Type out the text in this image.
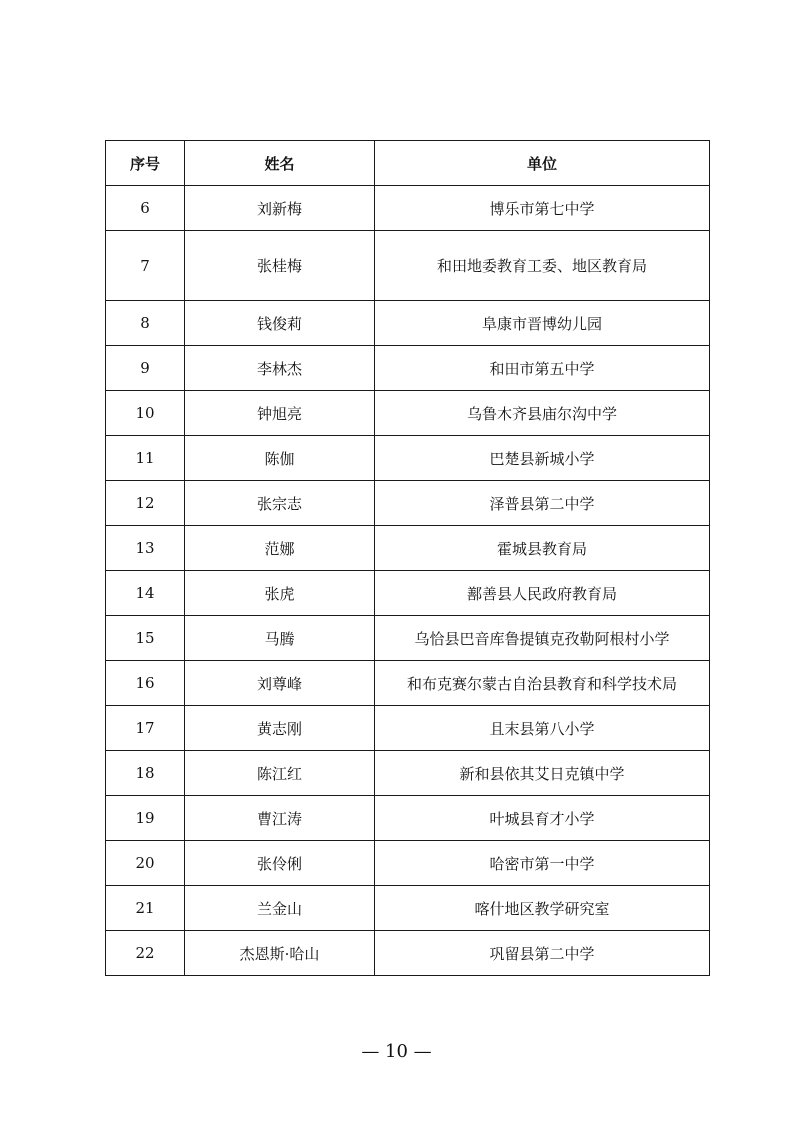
序号	姓名	单位
6	刘新梅	博乐市第七中学
7	张桂梅	和田地委教育工委、地区教育局
8	钱俊莉	阜康市晋博幼儿园
9	李林杰	和田市第五中学
10	钟旭亮	乌鲁木齐县庙尔沟中学
11	陈伽	巴楚县新城小学
12	张宗志	泽普县第二中学
13	范娜	霍城县教育局
14	张虎	鄯善县人民政府教育局
15	马腾	乌恰县巴音库鲁提镇克孜勒阿根村小学
16	刘尊峰	和布克赛尔蒙古自治县教育和科学技术局
17	黄志刚	且末县第八小学
18	陈江红	新和县依其艾日克镇中学
19	曹江涛	叶城县育才小学
20	张伶俐	哈密市第一中学
21	兰金山	喀什地区教学研究室
22	杰恩斯·哈山	巩留县第二中学
— 10 —
